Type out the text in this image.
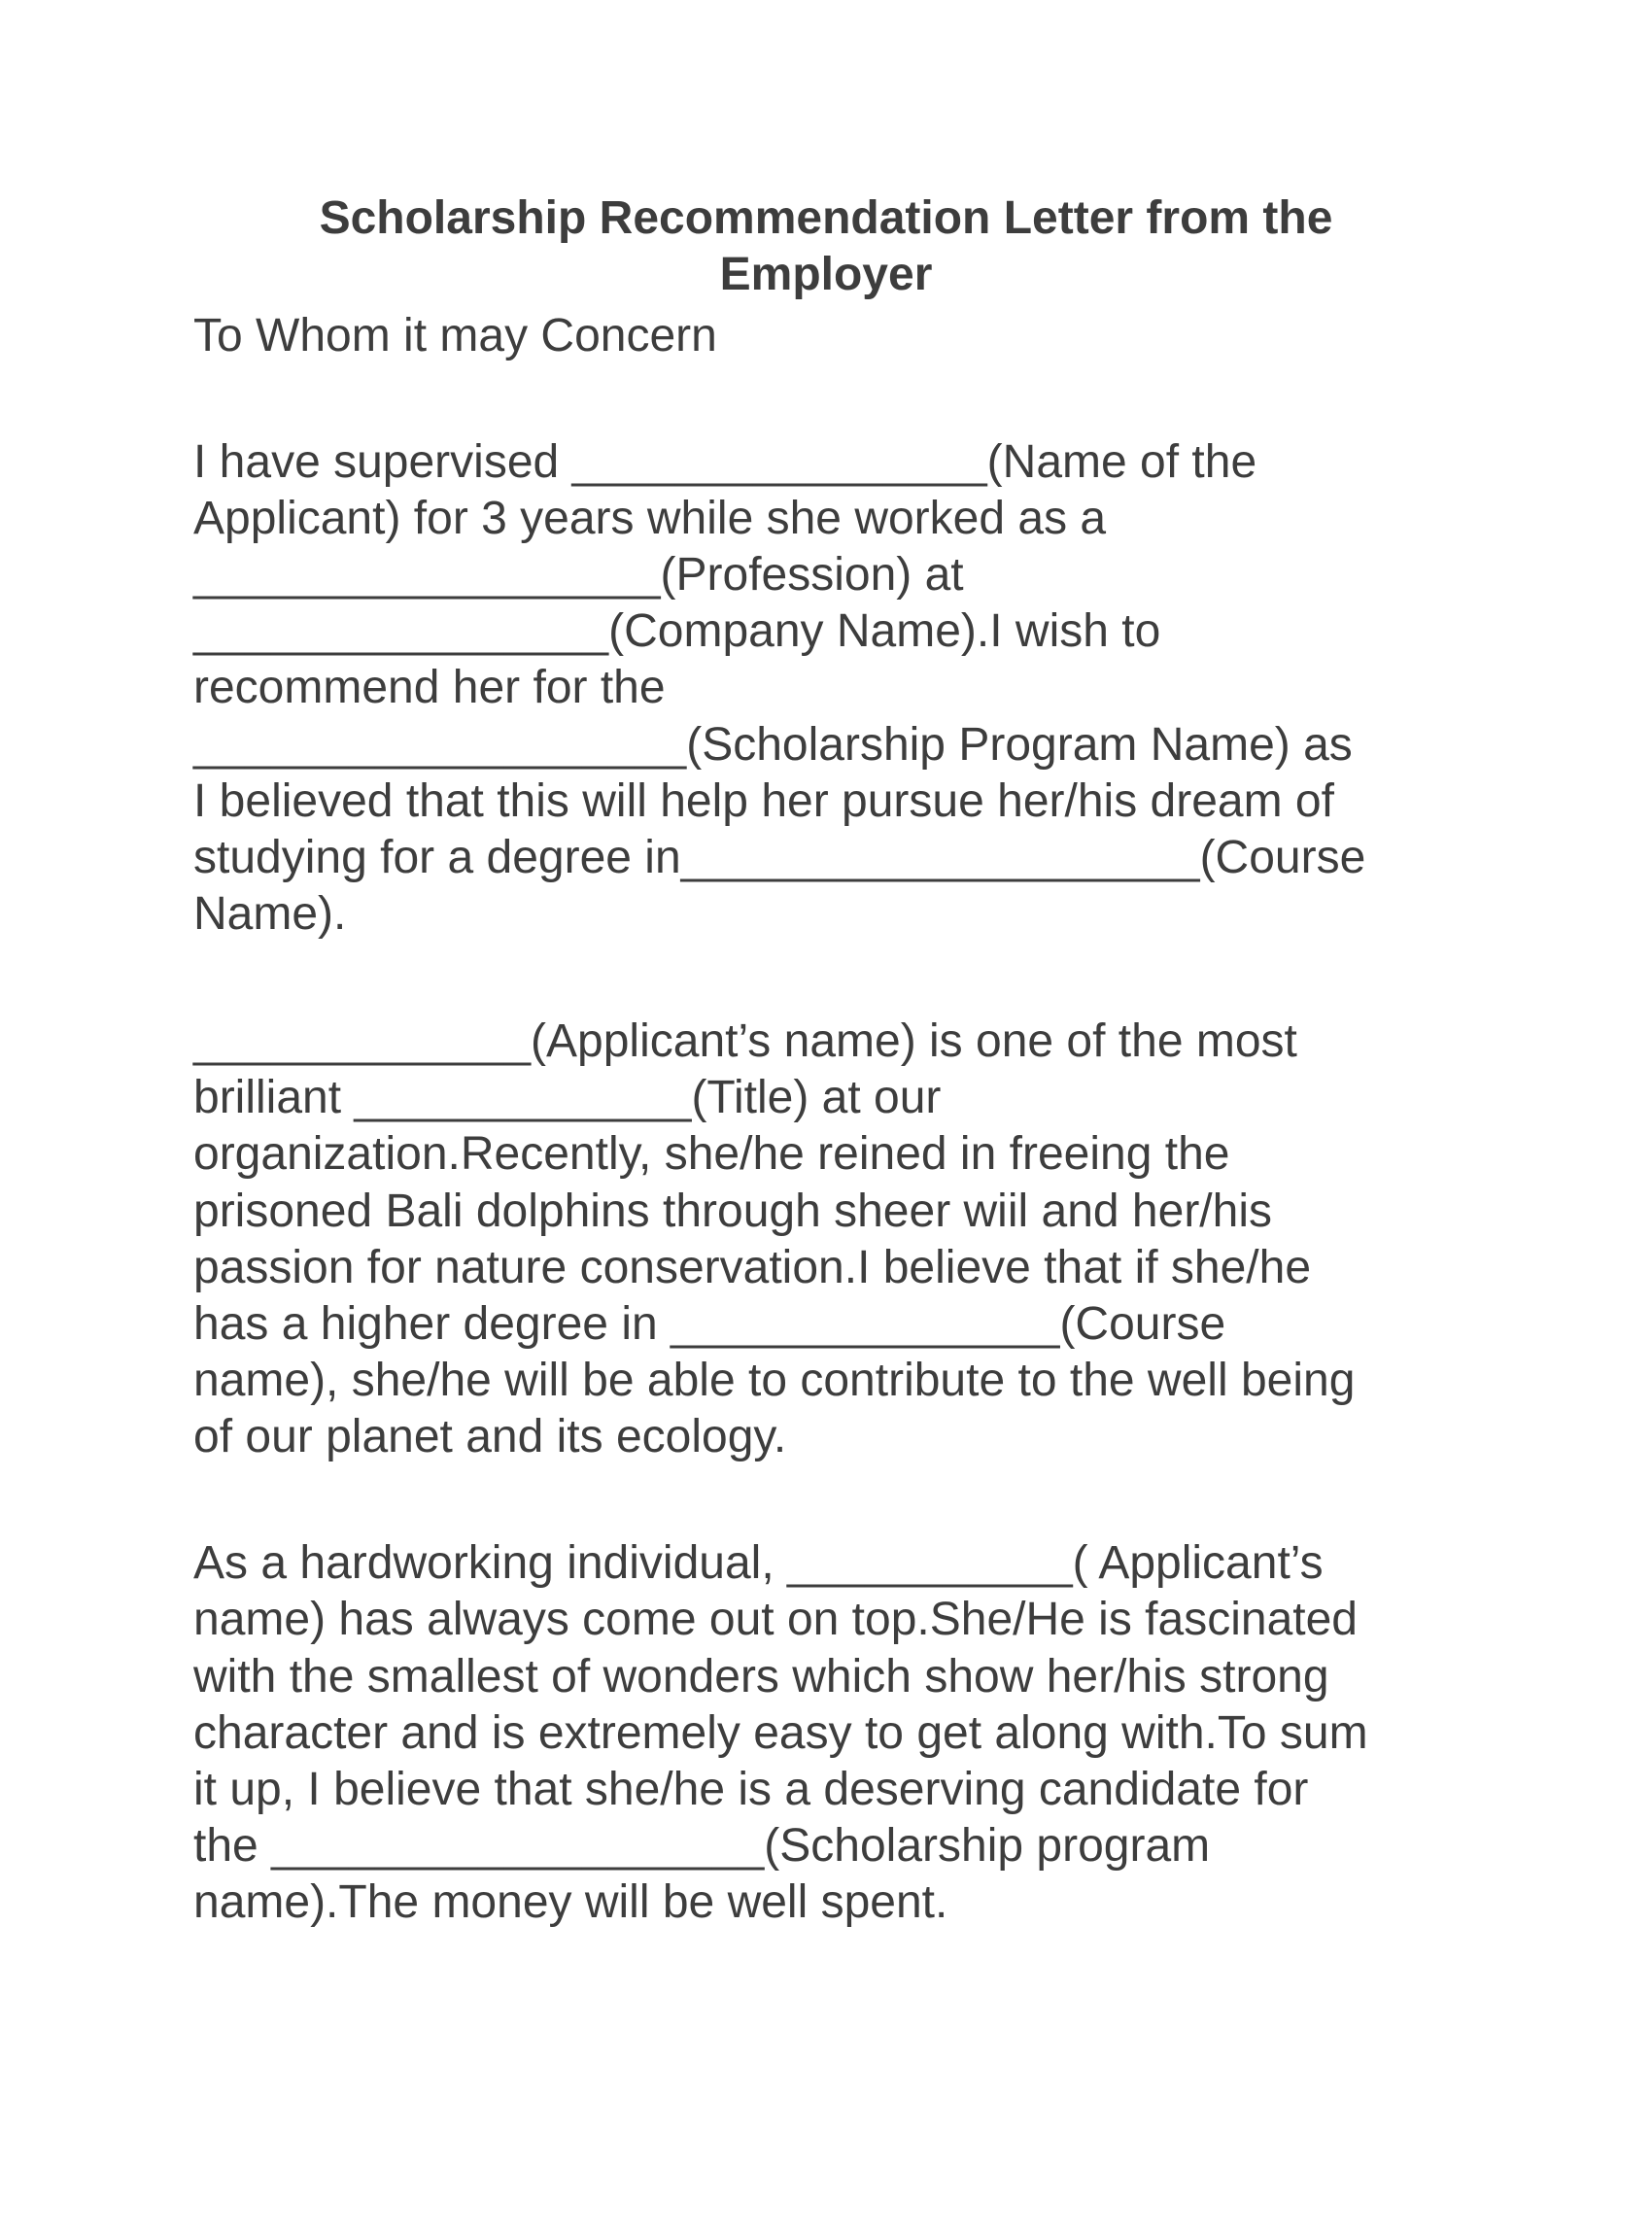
Scholarship Recommendation Letter from the
Employer

To Whom it may Concern

I have supervised ________________(Name of the

Applicant) for 3 years while she worked as a

__________________(Profession) at

________________(Company Name).I wish to

recommend her for the

___________________(Scholarship Program Name) as

I believed that this will help her pursue her/his dream of

studying for a degree in____________________(Course

Name).

_____________(Applicant’s name) is one of the most

brilliant _____________(Title) at our

organization.Recently, she/he reined in freeing the

prisoned Bali dolphins through sheer wiil and her/his

passion for nature conservation.I believe that if she/he

has a higher degree in _______________(Course

name), she/he will be able to contribute to the well being

of our planet and its ecology.

As a hardworking individual, ___________( Applicant’s

name) has always come out on top.She/He is fascinated

with the smallest of wonders which show her/his strong

character and is extremely easy to get along with.To sum

it up, I believe that she/he is a deserving candidate for

the ___________________(Scholarship program

name).The money will be well spent.
